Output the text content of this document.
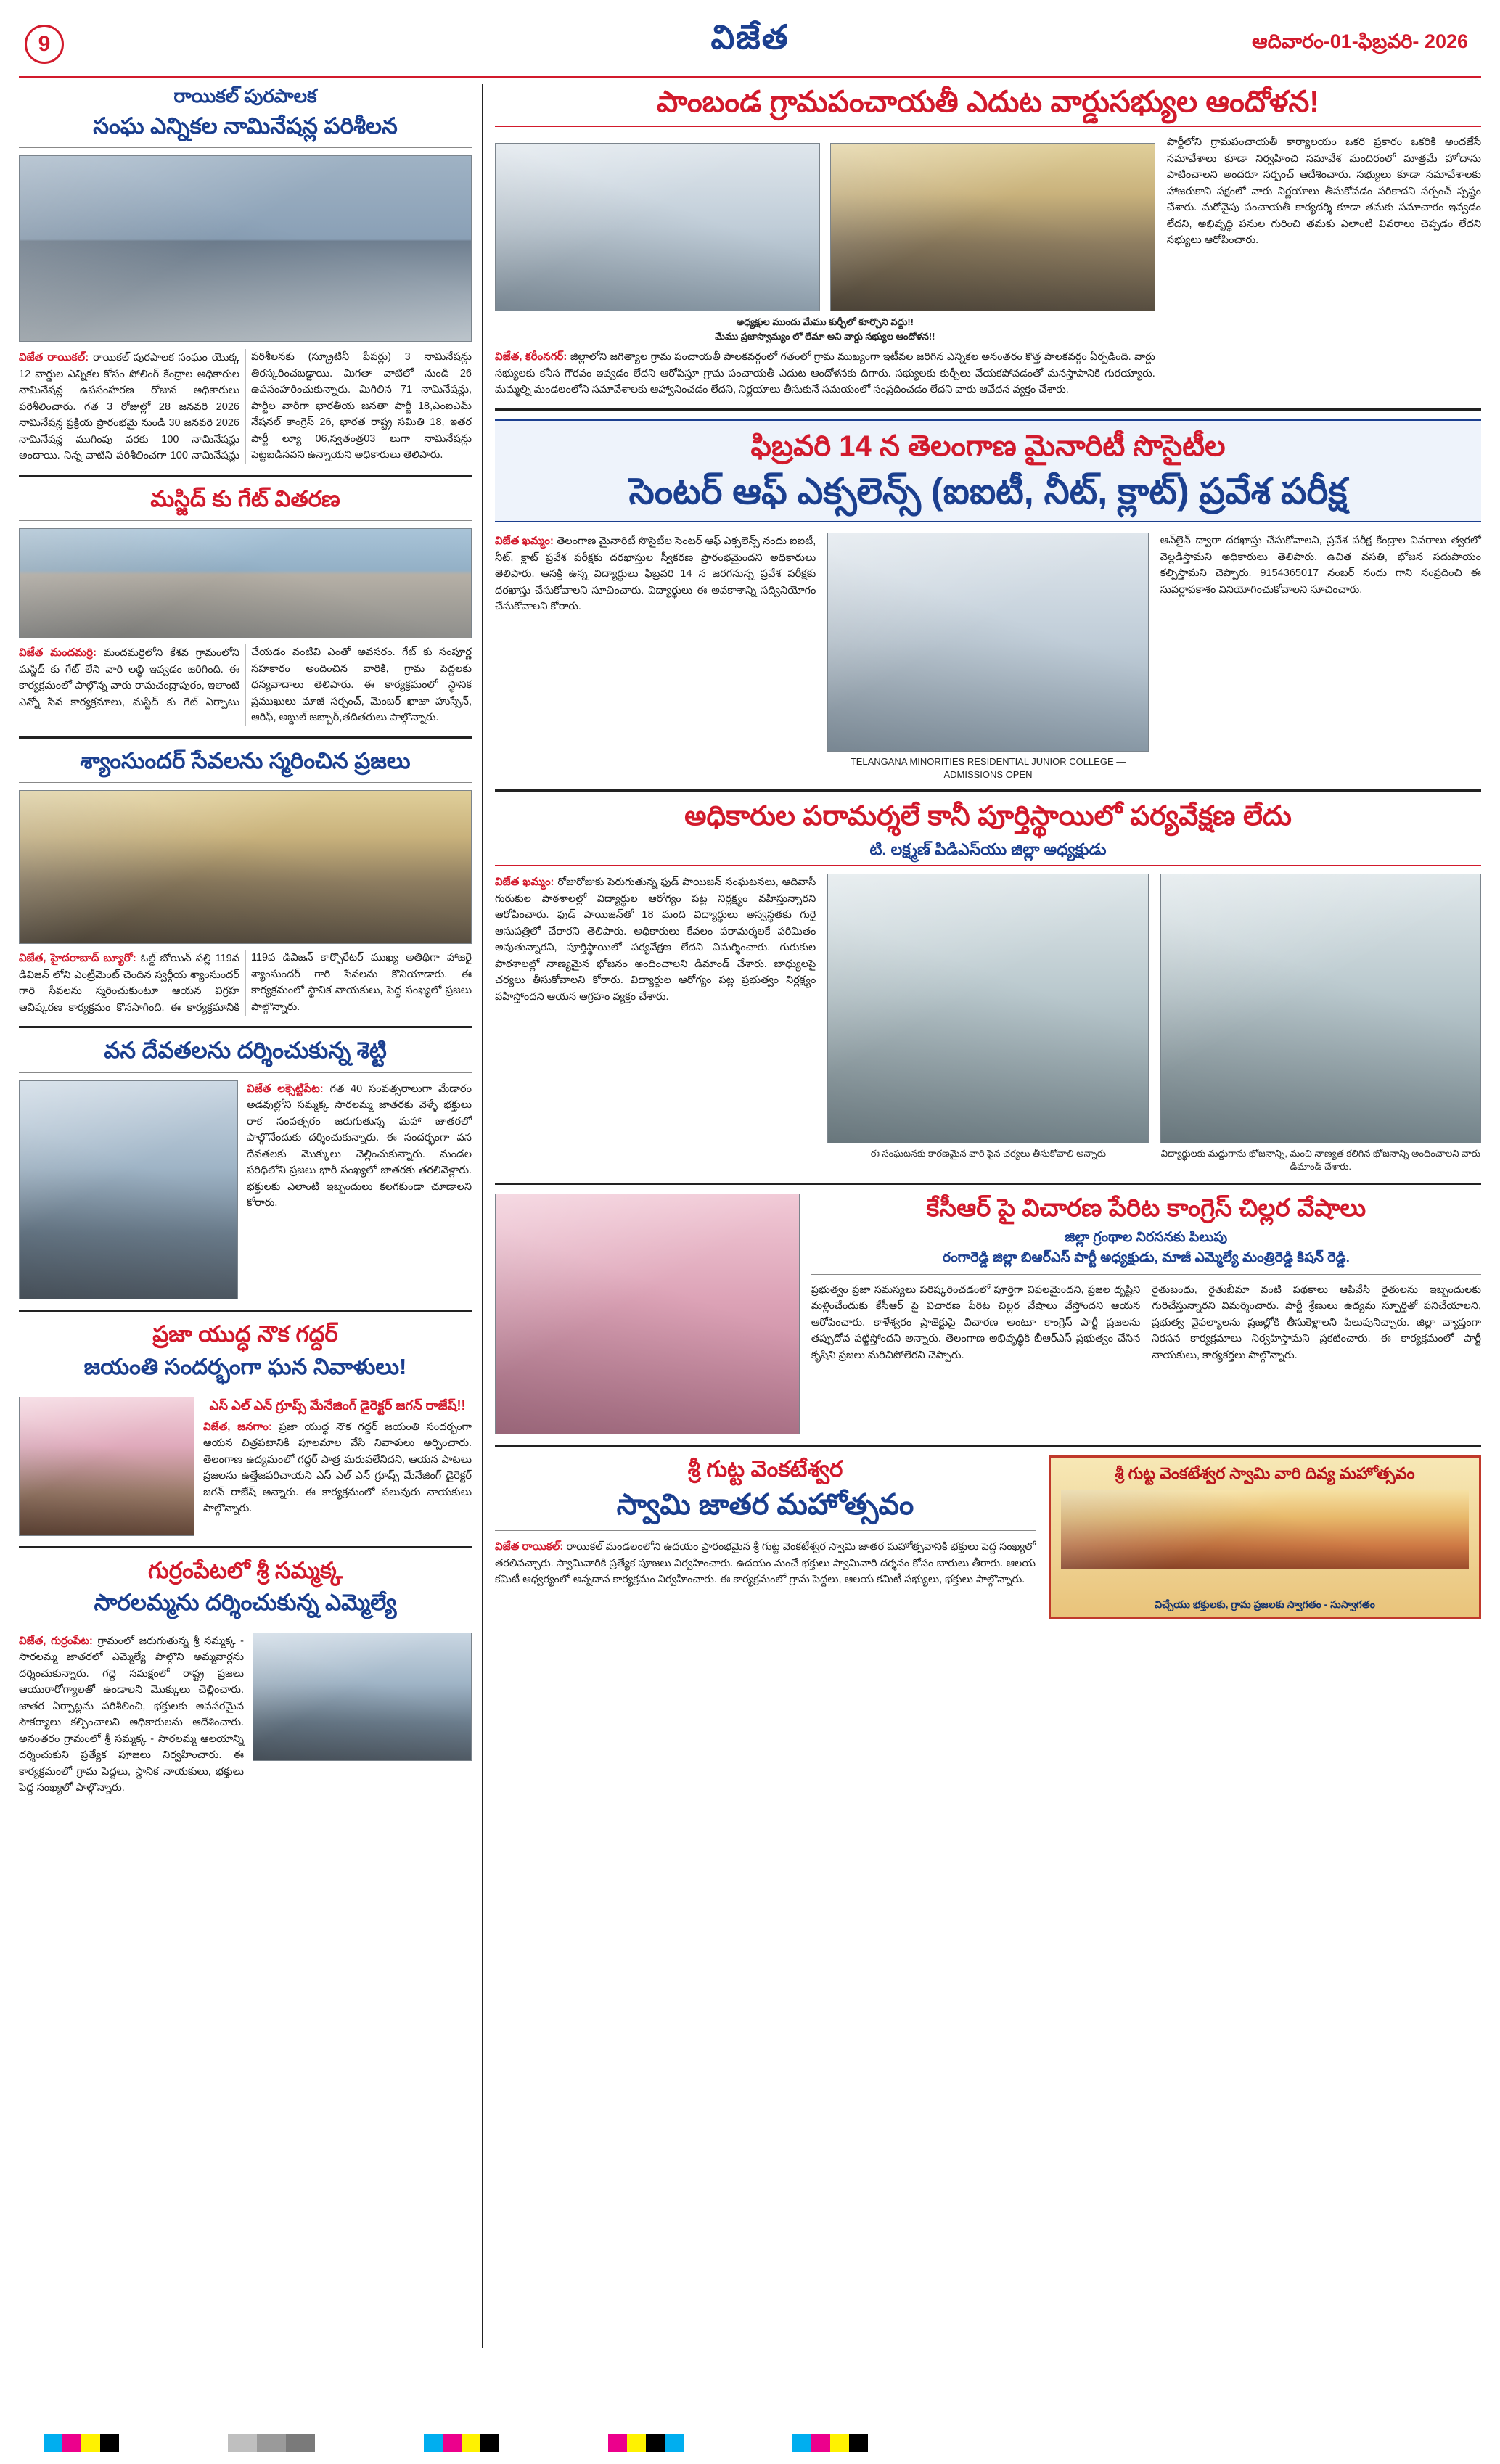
9	విజేత	ఆదివారం-01-ఫిబ్రవరి- 2026
రాయికల్ పురపాలక
సంఘ ఎన్నికల నామినేషన్ల పరిశీలన
విజేత రాయికల్: రాయికల్ పురపాలక సంఘం యొక్క 12 వార్డుల ఎన్నికల కోసం పోలింగ్ కేంద్రాల అధికారుల నామినేషన్ల ఉపసంహరణ రోజున అధికారులు పరిశీలించారు. గత 3 రోజుల్లో 28 జనవరి 2026 నామినేషన్ల ప్రక్రియ ప్రారంభమై నుండి 30 జనవరి 2026 నామినేషన్ల ముగింపు వరకు 100 నామినేషన్లు అందాయి. నిన్న వాటిని పరిశీలించగా 100 నామినేషన్లు పరిశీలనకు (స్క్రూటినీ పేపర్లు) 3 నామినేషన్లు తిరస్కరించబడ్డాయి. మిగతా వాటిలో నుండి 26 ఉపసంహరించుకున్నారు. మిగిలిన 71 నామినేషన్లు, పార్టీల వారీగా భారతీయ జనతా పార్టీ 18,ఎంఐఎమ్ నేషనల్ కాంగ్రెస్ 26, భారత రాష్ట్ర సమితి 18, ఇతర పార్టీ ల్యూ 06,స్వతంత్ర03 లుగా నామినేషన్లు పెట్టబడినవని ఉన్నాయని అధికారులు తెలిపారు.
మస్జిద్ కు గేట్ వితరణ
విజేత మందమర్రి: మందమర్రిలోని కేశవ గ్రామంలోని మస్జిద్ కు గేట్ లేని వారి లబ్ధి ఇవ్వడం జరిగింది. ఈ కార్యక్రమంలో పాల్గొన్న వారు రామచంద్రాపురం, ఇలాంటి ఎన్నో సేవ కార్యక్రమాలు, మస్జిద్ కు గేట్ ఏర్పాటు చేయడం వంటివి ఎంతో అవసరం. గేట్ కు సంపూర్ణ సహకారం అందించిన వారికి, గ్రామ పెద్దలకు ధన్యవాదాలు తెలిపారు. ఈ కార్యక్రమంలో స్థానిక ప్రముఖులు మాజీ సర్పంచ్, మెంబర్ ఖాజా హుస్సేన్, ఆరిఫ్, అబ్దుల్ జబ్బార్,తదితరులు పాల్గొన్నారు.
శ్యాంసుందర్ సేవలను స్మరించిన ప్రజలు
విజేత, హైదరాబాద్ బ్యూరో: ఓల్డ్ బోయిన్ పల్లి 119వ డివిజన్ లోని ఎంట్రీమెంట్ చెందిన స్వర్గీయ శ్యాంసుందర్ గారి సేవలను స్మరించుకుంటూ ఆయన విగ్రహ ఆవిష్కరణ కార్యక్రమం కొనసాగింది. ఈ కార్యక్రమానికి 119వ డివిజన్ కార్పొరేటర్ ముఖ్య అతిథిగా హాజరై శ్యాంసుందర్ గారి సేవలను కొనియాడారు. ఈ కార్యక్రమంలో స్థానిక నాయకులు, పెద్ద సంఖ్యలో ప్రజలు పాల్గొన్నారు.
వన దేవతలను దర్శించుకున్న శెట్టి
విజేత లక్సెట్టిపేట: గత 40 సంవత్సరాలుగా మేడారం అడవుల్లోని సమ్మక్క సారలమ్మ జాతరకు వెళ్ళే భక్తులు రాక సంవత్సరం జరుగుతున్న మహా జాతరలో పాల్గొనేందుకు దర్శించుకున్నారు. ఈ సందర్భంగా వన దేవతలకు మొక్కులు చెల్లించుకున్నారు. మండల పరిధిలోని ప్రజలు భారీ సంఖ్యలో జాతరకు తరలివెళ్లారు. భక్తులకు ఎలాంటి ఇబ్బందులు కలగకుండా చూడాలని కోరారు.
ప్రజా యుద్ధ నౌక గద్దర్
జయంతి సందర్భంగా ఘన నివాళులు!
ఎస్ ఎల్ ఎన్ గ్రూప్స్ మేనేజింగ్ డైరెక్టర్ జగన్ రాజేష్!!
విజేత, జనగాం: ప్రజా యుద్ధ నౌక గద్దర్ జయంతి సందర్భంగా ఆయన చిత్రపటానికి పూలమాల వేసి నివాళులు అర్పించారు. తెలంగాణ ఉద్యమంలో గద్దర్ పాత్ర మరువలేనిదని, ఆయన పాటలు ప్రజలను ఉత్తేజపరిచాయని ఎస్ ఎల్ ఎన్ గ్రూప్స్ మేనేజింగ్ డైరెక్టర్ జగన్ రాజేష్ అన్నారు. ఈ కార్యక్రమంలో పలువురు నాయకులు పాల్గొన్నారు.
గుర్రంపేటలో శ్రీ సమ్మక్క
సారలమ్మను దర్శించుకున్న ఎమ్మెల్యే
విజేత, గుర్రంపేట: గ్రామంలో జరుగుతున్న శ్రీ సమ్మక్క - సారలమ్మ జాతరలో ఎమ్మెల్యే పాల్గొని అమ్మవార్లను దర్శించుకున్నారు. గద్దె సమక్షంలో రాష్ట్ర ప్రజలు ఆయురారోగ్యాలతో ఉండాలని మొక్కులు చెల్లించారు. జాతర ఏర్పాట్లను పరిశీలించి, భక్తులకు అవసరమైన సౌకర్యాలు కల్పించాలని అధికారులను ఆదేశించారు. అనంతరం గ్రామంలో శ్రీ సమ్మక్క - సారలమ్మ ఆలయాన్ని దర్శించుకుని ప్రత్యేక పూజలు నిర్వహించారు. ఈ కార్యక్రమంలో గ్రామ పెద్దలు, స్థానిక నాయకులు, భక్తులు పెద్ద సంఖ్యలో పాల్గొన్నారు.
పాంబండ గ్రామపంచాయతీ ఎదుట వార్డుసభ్యుల ఆందోళన!
అధ్యక్షుల ముందు మేము కుర్చీలో కూర్చొని వద్దు!!
మేము ప్రజాస్వామ్యం లో లేమా అని వార్డు సభ్యుల ఆందోళన!!
విజేత, కరీంనగర్: జిల్లాలోని జగిత్యాల గ్రామ పంచాయతీ పాలకవర్గంలో గతంలో గ్రామ ముఖ్యంగా ఇటీవల జరిగిన ఎన్నికల అనంతరం కొత్త పాలకవర్గం ఏర్పడింది. వార్డు సభ్యులకు కనీస గౌరవం ఇవ్వడం లేదని ఆరోపిస్తూ గ్రామ పంచాయతీ ఎదుట ఆందోళనకు దిగారు. సభ్యులకు కుర్చీలు వేయకపోవడంతో మనస్తాపానికి గురయ్యారు. మమ్మల్ని మండలంలోని సమావేశాలకు ఆహ్వానించడం లేదని, నిర్ణయాలు తీసుకునే సమయంలో సంప్రదించడం లేదని వారు ఆవేదన వ్యక్తం చేశారు.
పార్టీలోని గ్రామపంచాయతీ కార్యాలయం ఒకరి ప్రకారం ఒకరికి అందజేసే సమావేశాలు కూడా నిర్వహించి సమావేశ మందిరంలో మాత్రమే హోదాను పాటించాలని అందరూ సర్పంచ్ ఆదేశించారు. సభ్యులు కూడా సమావేశాలకు హాజరుకాని పక్షంలో వారు నిర్ణయాలు తీసుకోవడం సరికాదని సర్పంచ్ స్పష్టం చేశారు. మరోవైపు పంచాయతీ కార్యదర్శి కూడా తమకు సమాచారం ఇవ్వడం లేదని, అభివృద్ధి పనుల గురించి తమకు ఎలాంటి వివరాలు చెప్పడం లేదని సభ్యులు ఆరోపించారు.
ఫిబ్రవరి 14 న తెలంగాణ మైనారిటీ సొసైటీల
సెంటర్ ఆఫ్ ఎక్సలెన్స్ (ఐఐటీ, నీట్, క్లాట్) ప్రవేశ పరీక్ష
విజేత ఖమ్మం: తెలంగాణ మైనారిటీ సొసైటీల సెంటర్ ఆఫ్ ఎక్సలెన్స్ నందు ఐఐటీ, నీట్, క్లాట్ ప్రవేశ పరీక్షకు దరఖాస్తుల స్వీకరణ ప్రారంభమైందని అధికారులు తెలిపారు. ఆసక్తి ఉన్న విద్యార్థులు ఫిబ్రవరి 14 న జరగనున్న ప్రవేశ పరీక్షకు దరఖాస్తు చేసుకోవాలని సూచించారు. విద్యార్థులు ఈ అవకాశాన్ని సద్వినియోగం చేసుకోవాలని కోరారు.
TELANGANA MINORITIES RESIDENTIAL JUNIOR COLLEGE — ADMISSIONS OPEN
ఆన్‌లైన్ ద్వారా దరఖాస్తు చేసుకోవాలని, ప్రవేశ పరీక్ష కేంద్రాల వివరాలు త్వరలో వెల్లడిస్తామని అధికారులు తెలిపారు. ఉచిత వసతి, భోజన సదుపాయం కల్పిస్తామని చెప్పారు. 9154365017 నంబర్ నందు గాని సంప్రదించి ఈ సువర్ణావకాశం వినియోగించుకోవాలని సూచించారు.
అధికారుల పరామర్శలే కానీ పూర్తిస్థాయిలో పర్యవేక్షణ లేదు
టి. లక్ష్మణ్ పిడిఎస్‌యు జిల్లా అధ్యక్షుడు
విజేత ఖమ్మం: రోజురోజుకు పెరుగుతున్న ఫుడ్ పాయిజన్ సంఘటనలు, ఆదివాసీ గురుకుల పాఠశాలల్లో విద్యార్థుల ఆరోగ్యం పట్ల నిర్లక్ష్యం వహిస్తున్నారని ఆరోపించారు. ఫుడ్ పాయిజన్‌తో 18 మంది విద్యార్థులు అస్వస్థతకు గురై ఆసుపత్రిలో చేరారని తెలిపారు. అధికారులు కేవలం పరామర్శలకే పరిమితం అవుతున్నారని, పూర్తిస్థాయిలో పర్యవేక్షణ లేదని విమర్శించారు. గురుకుల పాఠశాలల్లో నాణ్యమైన భోజనం అందించాలని డిమాండ్ చేశారు. బాధ్యులపై చర్యలు తీసుకోవాలని కోరారు. విద్యార్థుల ఆరోగ్యం పట్ల ప్రభుత్వం నిర్లక్ష్యం వహిస్తోందని ఆయన ఆగ్రహం వ్యక్తం చేశారు.
ఈ సంఘటనకు కారణమైన వారి పైన చర్యలు తీసుకోవాలి అన్నారు	విద్యార్థులకు మద్దుగాను భోజనాన్ని, మంచి నాణ్యత కలిగిన భోజనాన్ని అందించాలని వారు డిమాండ్ చేశారు.
కేసీఆర్ పై విచారణ పేరిట కాంగ్రెస్ చిల్లర వేషాలు
జిల్లా గ్రంథాల నిరసనకు పిలుపు
రంగారెడ్డి జిల్లా బిఆర్ఎస్ పార్టీ అధ్యక్షుడు, మాజీ ఎమ్మెల్యే మంత్రిరెడ్డి కిషన్ రెడ్డి.
ప్రభుత్వం ప్రజా సమస్యలు పరిష్కరించడంలో పూర్తిగా విఫలమైందని, ప్రజల దృష్టిని మళ్లించేందుకు కేసీఆర్ పై విచారణ పేరిట చిల్లర వేషాలు వేస్తోందని ఆయన ఆరోపించారు. కాళేశ్వరం ప్రాజెక్టుపై విచారణ అంటూ కాంగ్రెస్ పార్టీ ప్రజలను తప్పుదోవ పట్టిస్తోందని అన్నారు. తెలంగాణ అభివృద్ధికి బీఆర్ఎస్ ప్రభుత్వం చేసిన కృషిని ప్రజలు మరిచిపోలేరని చెప్పారు.
రైతుబంధు, రైతుబీమా వంటి పథకాలు ఆపివేసి రైతులను ఇబ్బందులకు గురిచేస్తున్నారని విమర్శించారు. పార్టీ శ్రేణులు ఉద్యమ స్ఫూర్తితో పనిచేయాలని, ప్రభుత్వ వైఫల్యాలను ప్రజల్లోకి తీసుకెళ్లాలని పిలుపునిచ్చారు. జిల్లా వ్యాప్తంగా నిరసన కార్యక్రమాలు నిర్వహిస్తామని ప్రకటించారు. ఈ కార్యక్రమంలో పార్టీ నాయకులు, కార్యకర్తలు పాల్గొన్నారు.
శ్రీ గుట్ట వెంకటేశ్వర
స్వామి జాతర మహోత్సవం
విజేత రాయికల్: రాయికల్ మండలంలోని ఉదయం ప్రారంభమైన శ్రీ గుట్ట వెంకటేశ్వర స్వామి జాతర మహోత్సవానికి భక్తులు పెద్ద సంఖ్యలో తరలివచ్చారు. స్వామివారికి ప్రత్యేక పూజలు నిర్వహించారు. ఉదయం నుంచే భక్తులు స్వామివారి దర్శనం కోసం బారులు తీరారు. ఆలయ కమిటీ ఆధ్వర్యంలో అన్నదాన కార్యక్రమం నిర్వహించారు. ఈ కార్యక్రమంలో గ్రామ పెద్దలు, ఆలయ కమిటీ సభ్యులు, భక్తులు పాల్గొన్నారు.
శ్రీ గుట్ట వెంకటేశ్వర స్వామి వారి దివ్య మహోత్సవం
విచ్చేయు భక్తులకు, గ్రామ ప్రజలకు స్వాగతం - సుస్వాగతం
